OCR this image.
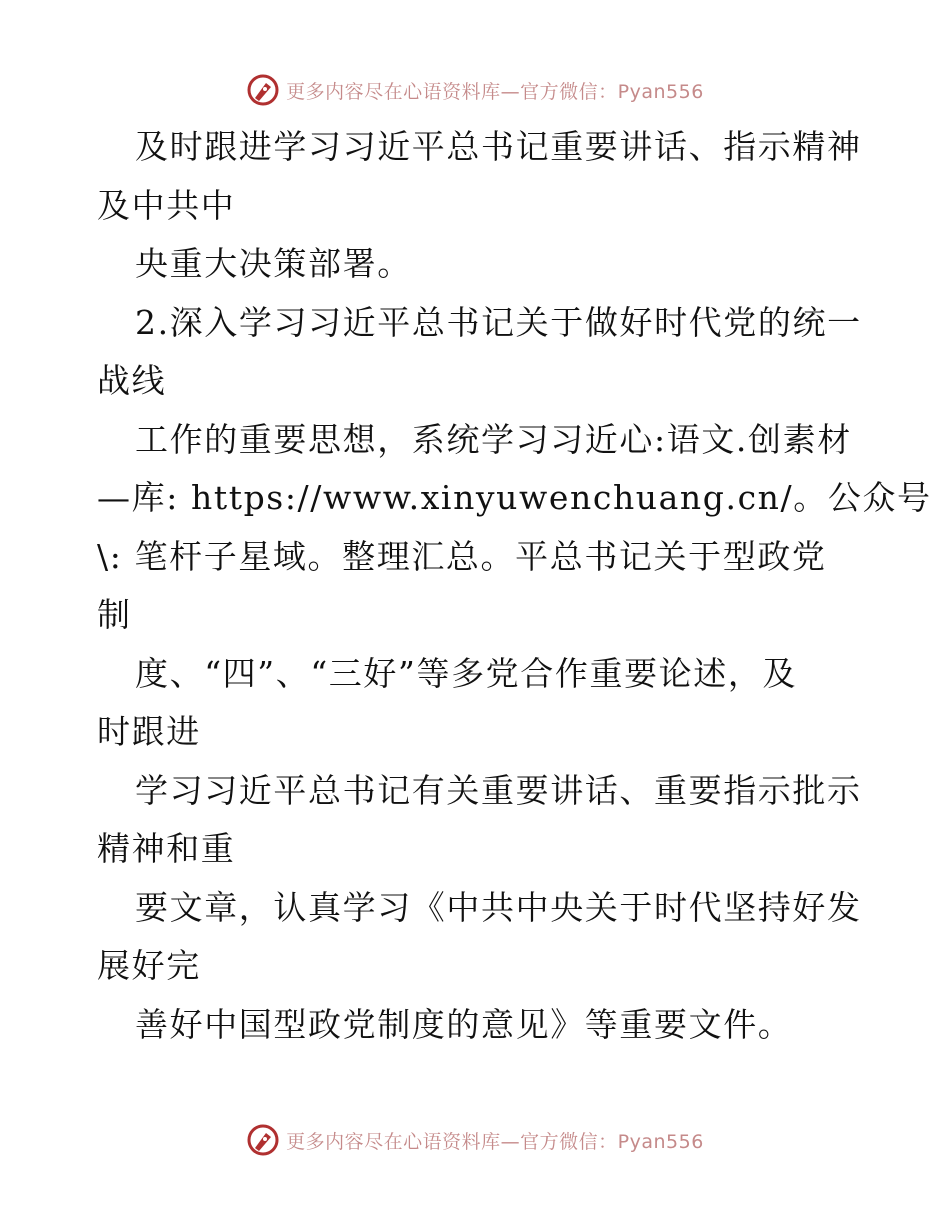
更多内容尽在心语资料库—官方微信：Pyan556
及时跟进学习习近平总书记重要讲话、指示精神
及中共中
央重大决策部署。
2.深入学习习近平总书记关于做好时代党的统一
战线
工作的重要思想，系统学习习近心:语文.创素材
—库: https://www.xinyuwenchuang.cn/。公众号
\: 笔杆子星域。整理汇总。平总书记关于型政党
制
度、“四”、“三好”等多党合作重要论述，及
时跟进
学习习近平总书记有关重要讲话、重要指示批示
精神和重
要文章，认真学习《中共中央关于时代坚持好发
展好完
善好中国型政党制度的意见》等重要文件。
更多内容尽在心语资料库—官方微信：Pyan556
